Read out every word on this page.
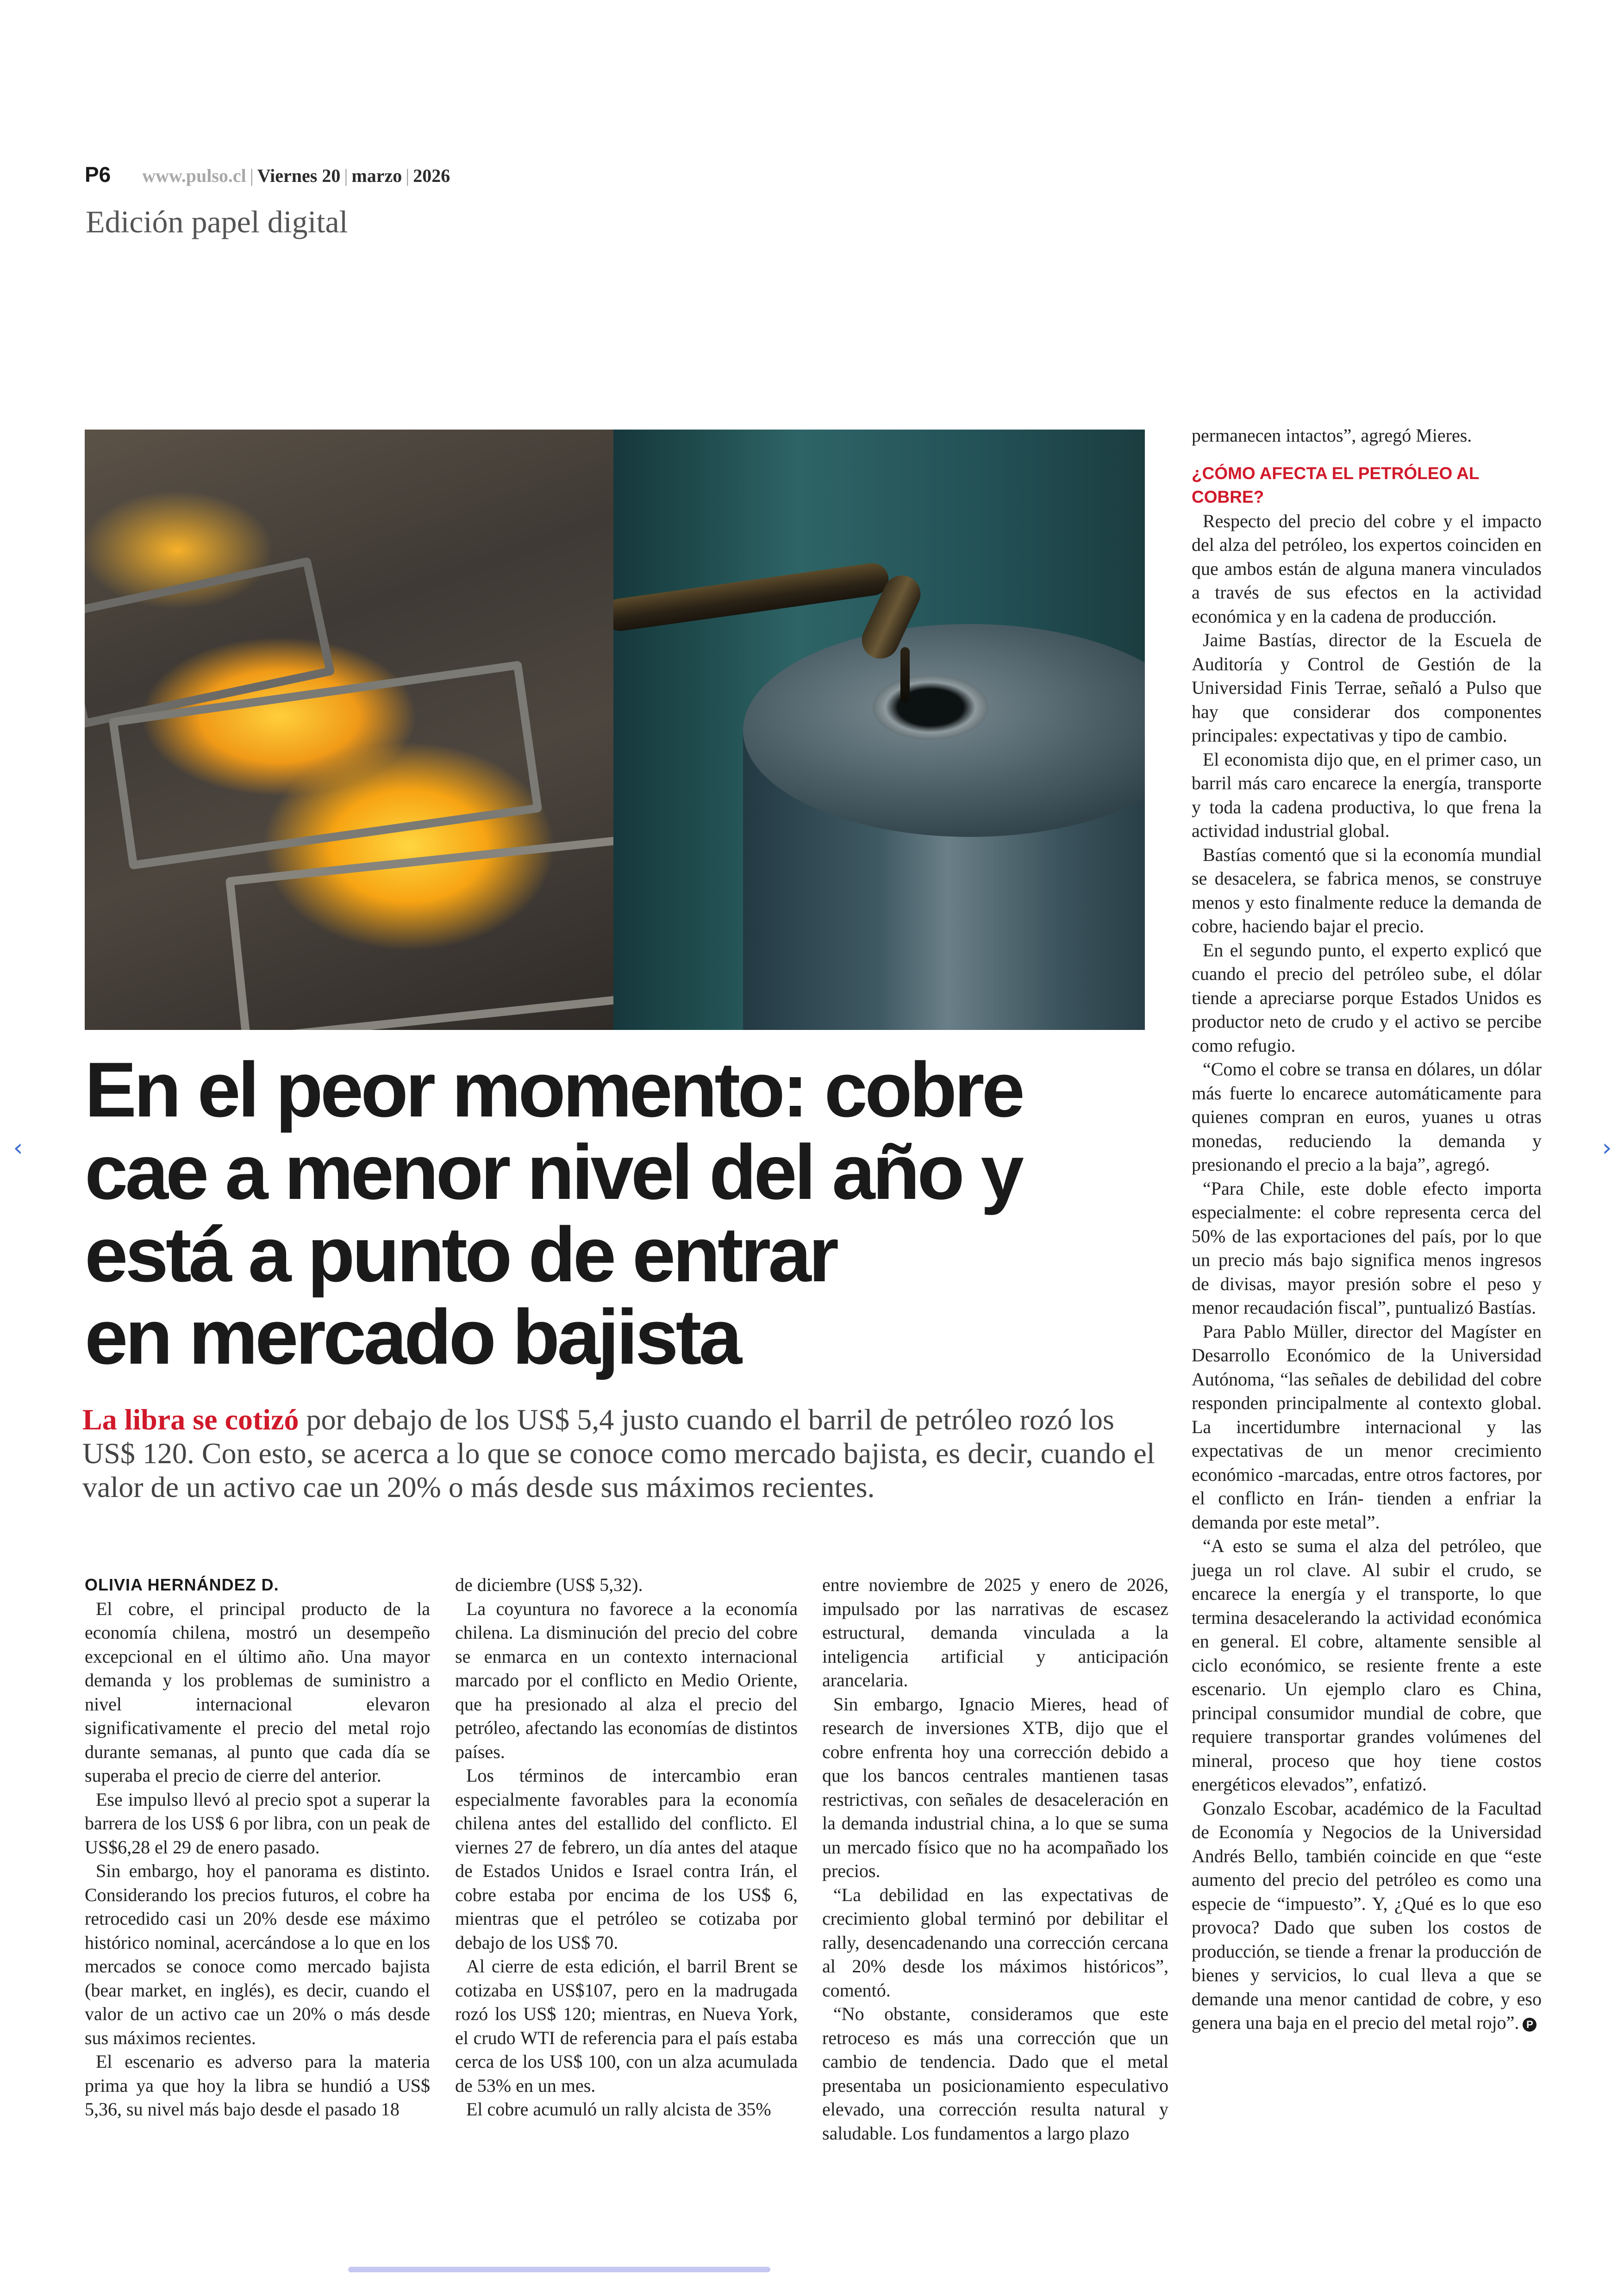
P6 www.pulso.cl | Viernes 20 | marzo | 2026
Edición papel digital
En el peor momento: cobre
cae a menor nivel del año y
está a punto de entrar
en mercado bajista

La libra se cotizó por debajo de los US$ 5,4 justo cuando el barril de petróleo rozó los US$ 120. Con esto, se acerca a lo que se conoce como mercado bajista, es decir, cuando el valor de un activo cae un 20% o más desde sus máximos recientes.

OLIVIA HERNÁNDEZ D.

El cobre, el principal producto de la economía chilena, mostró un desempeño excepcional en el último año. Una mayor demanda y los problemas de suministro a nivel internacional elevaron significativamente el precio del metal rojo durante semanas, al punto que cada día se superaba el precio de cierre del anterior.

Ese impulso llevó al precio spot a superar la barrera de los US$ 6 por libra, con un peak de US$6,28 el 29 de enero pasado.

Sin embargo, hoy el panorama es distinto. Considerando los precios futuros, el cobre ha retrocedido casi un 20% desde ese máximo histórico nominal, acercándose a lo que en los mercados se conoce como mercado bajista (bear market, en inglés), es decir, cuando el valor de un activo cae un 20% o más desde sus máximos recientes.

El escenario es adverso para la materia prima ya que hoy la libra se hundió a US$ 5,36, su nivel más bajo desde el pasado 18

de diciembre (US$ 5,32).

La coyuntura no favorece a la economía chilena. La disminución del precio del cobre se enmarca en un contexto internacional marcado por el conflicto en Medio Oriente, que ha presionado al alza el precio del petróleo, afectando las economías de distintos países.

Los términos de intercambio eran especialmente favorables para la economía chilena antes del estallido del conflicto. El viernes 27 de febrero, un día antes del ataque de Estados Unidos e Israel contra Irán, el cobre estaba por encima de los US$ 6, mientras que el petróleo se cotizaba por debajo de los US$ 70.

Al cierre de esta edición, el barril Brent se cotizaba en US$107, pero en la madrugada rozó los US$ 120; mientras, en Nueva York, el crudo WTI de referencia para el país estaba cerca de los US$ 100, con un alza acumulada de 53% en un mes.

El cobre acumuló un rally alcista de 35%

entre noviembre de 2025 y enero de 2026, impulsado por las narrativas de escasez estructural, demanda vinculada a la inteligencia artificial y anticipación arancelaria.

Sin embargo, Ignacio Mieres, head of research de inversiones XTB, dijo que el cobre enfrenta hoy una corrección debido a que los bancos centrales mantienen tasas restrictivas, con señales de desaceleración en la demanda industrial china, a lo que se suma un mercado físico que no ha acompañado los precios.

“La debilidad en las expectativas de crecimiento global terminó por debilitar el rally, desencadenando una corrección cercana al 20% desde los máximos históricos”, comentó.

“No obstante, consideramos que este retroceso es más una corrección que un cambio de tendencia. Dado que el metal presentaba un posicionamiento especulativo elevado, una corrección resulta natural y saludable. Los fundamentos a largo plazo

permanecen intactos”, agregó Mieres.

¿CÓMO AFECTA EL PETRÓLEO AL COBRE?

Respecto del precio del cobre y el impacto del alza del petróleo, los expertos coinciden en que ambos están de alguna manera vinculados a través de sus efectos en la actividad económica y en la cadena de producción.

Jaime Bastías, director de la Escuela de Auditoría y Control de Gestión de la Universidad Finis Terrae, señaló a Pulso que hay que considerar dos componentes principales: expectativas y tipo de cambio.

El economista dijo que, en el primer caso, un barril más caro encarece la energía, transporte y toda la cadena productiva, lo que frena la actividad industrial global.

Bastías comentó que si la economía mundial se desacelera, se fabrica menos, se construye menos y esto finalmente reduce la demanda de cobre, haciendo bajar el precio.

En el segundo punto, el experto explicó que cuando el precio del petróleo sube, el dólar tiende a apreciarse porque Estados Unidos es productor neto de crudo y el activo se percibe como refugio.

“Como el cobre se transa en dólares, un dólar más fuerte lo encarece automáticamente para quienes compran en euros, yuanes u otras monedas, reduciendo la demanda y presionando el precio a la baja”, agregó.

“Para Chile, este doble efecto importa especialmente: el cobre representa cerca del 50% de las exportaciones del país, por lo que un precio más bajo significa menos ingresos de divisas, mayor presión sobre el peso y menor recaudación fiscal”, puntualizó Bastías.

Para Pablo Müller, director del Magíster en Desarrollo Económico de la Universidad Autónoma, “las señales de debilidad del cobre responden principalmente al contexto global. La incertidumbre internacional y las expectativas de un menor crecimiento económico -marcadas, entre otros factores, por el conflicto en Irán- tienden a enfriar la demanda por este metal”.

“A esto se suma el alza del petróleo, que juega un rol clave. Al subir el crudo, se encarece la energía y el transporte, lo que termina desacelerando la actividad económica en general. El cobre, altamente sensible al ciclo económico, se resiente frente a este escenario. Un ejemplo claro es China, principal consumidor mundial de cobre, que requiere transportar grandes volúmenes del mineral, proceso que hoy tiene costos energéticos elevados”, enfatizó.

Gonzalo Escobar, académico de la Facultad de Economía y Negocios de la Universidad Andrés Bello, también coincide en que “este aumento del precio del petróleo es como una especie de “impuesto”. Y, ¿Qué es lo que eso provoca? Dado que suben los costos de producción, se tiende a frenar la producción de bienes y servicios, lo cual lleva a que se demande una menor cantidad de cobre, y eso genera una baja en el precio del metal rojo”. P

‹	›
